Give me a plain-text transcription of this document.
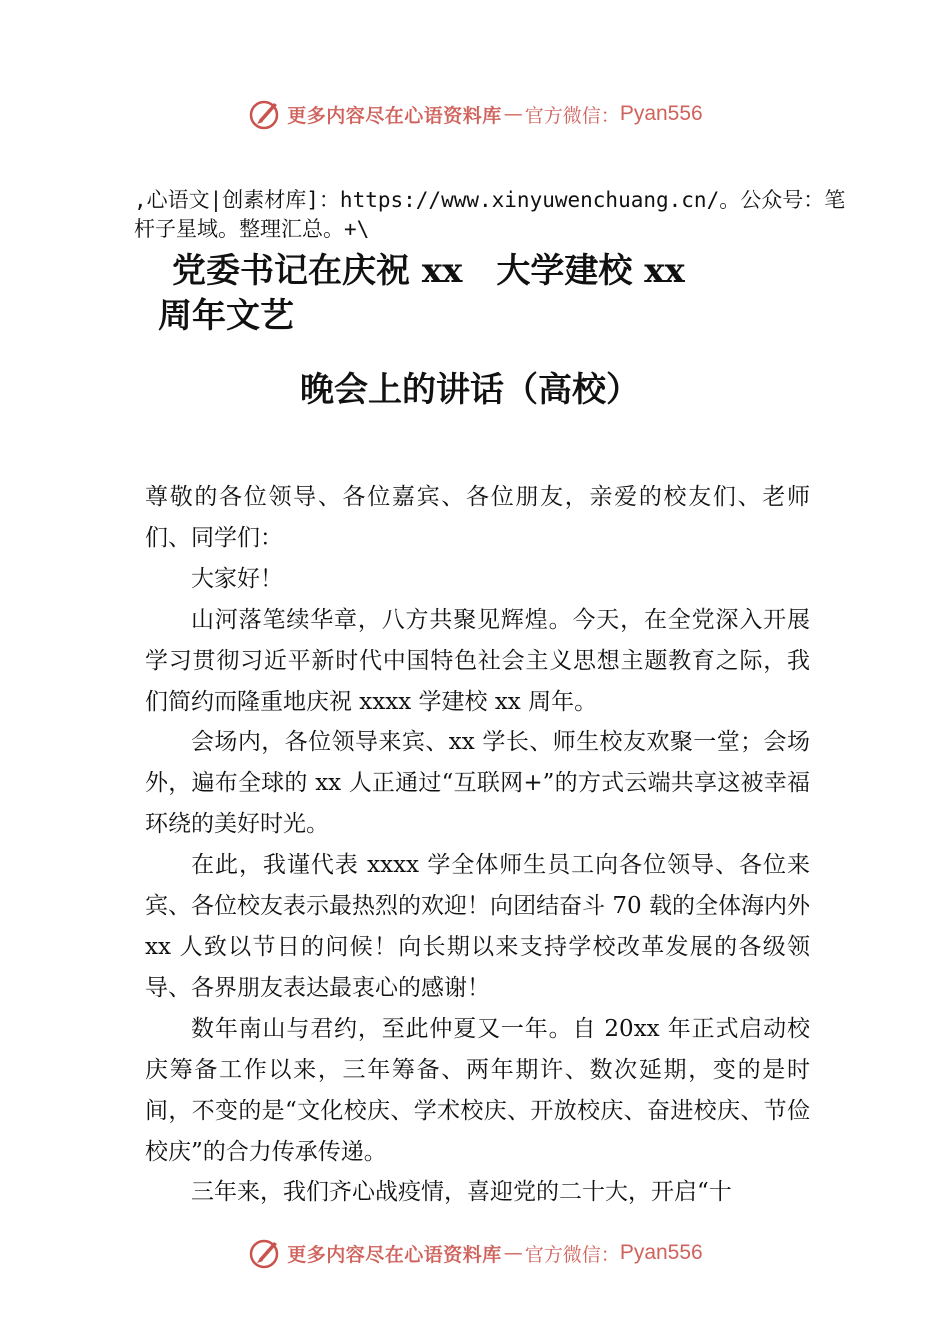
更多内容尽在心语资料库 — 官方微信： Pyan556
,心语文|创素材库]：https://www.xinyuwenchuang.cn/。公众号：笔杆子星域。整理汇总。+\
党委书记在庆祝 xx　大学建校 xx
周年文艺
晚会上的讲话（高校）

尊敬的各位领导、各位嘉宾、各位朋友，亲爱的校友们、老师们、同学们：

大家好！

山河落笔续华章，八方共聚见辉煌。今天，在全党深入开展学习贯彻习近平新时代中国特色社会主义思想主题教育之际，我们简约而隆重地庆祝 xxxx 学建校 xx 周年。

会场内，各位领导来宾、xx 学长、师生校友欢聚一堂；会场外，遍布全球的 xx 人正通过“互联网+”的方式云端共享这被幸福环绕的美好时光。

在此，我谨代表 xxxx 学全体师生员工向各位领导、各位来宾、各位校友表示最热烈的欢迎！向团结奋斗 70 载的全体海内外 xx 人致以节日的问候！向长期以来支持学校改革发展的各级领导、各界朋友表达最衷心的感谢！

数年南山与君约，至此仲夏又一年。自 20xx 年正式启动校庆筹备工作以来，三年筹备、两年期许、数次延期，变的是时间，不变的是“文化校庆、学术校庆、开放校庆、奋进校庆、节俭校庆”的合力传承传递。

三年来，我们齐心战疫情，喜迎党的二十大，开启“十

更多内容尽在心语资料库 — 官方微信： Pyan556
